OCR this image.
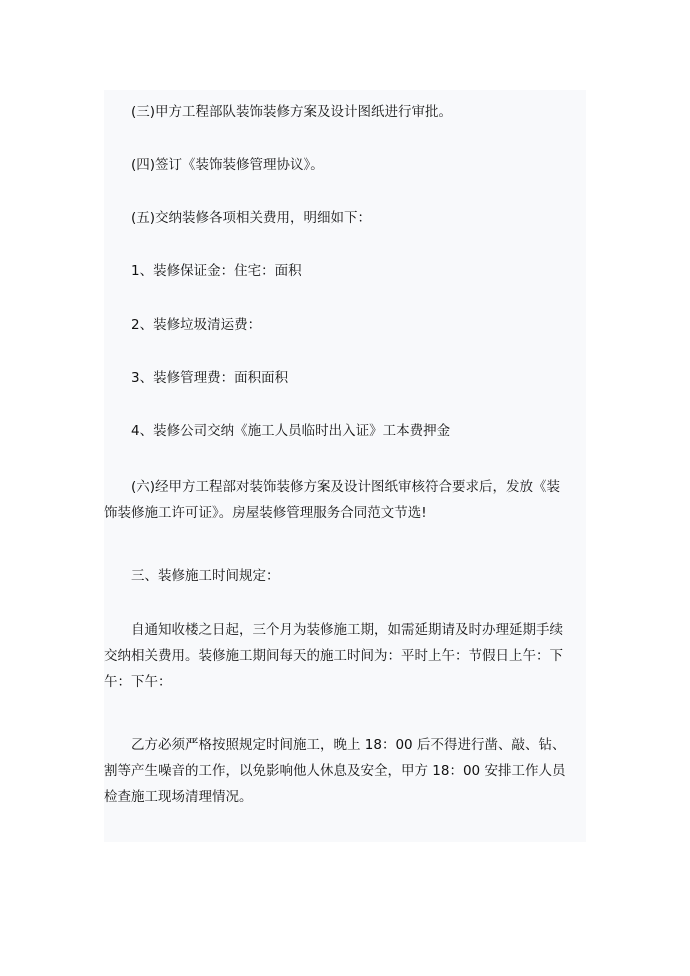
(三)甲方工程部队装饰装修方案及设计图纸进行审批。

(四)签订《装饰装修管理协议》。

(五)交纳装修各项相关费用，明细如下：

1、装修保证金：住宅：面积

2、装修垃圾清运费：

3、装修管理费：面积面积

4、装修公司交纳《施工人员临时出入证》工本费押金

(六)经甲方工程部对装饰装修方案及设计图纸审核符合要求后，发放《装
饰装修施工许可证》。房屋装修管理服务合同范文节选!

三、装修施工时间规定：

自通知收楼之日起，三个月为装修施工期，如需延期请及时办理延期手续
交纳相关费用。装修施工期间每天的施工时间为：平时上午：节假日上午：下
午：下午：

乙方必须严格按照规定时间施工，晚上 18：00 后不得进行凿、敲、钻、
割等产生噪音的工作，以免影响他人休息及安全，甲方 18：00 安排工作人员
检查施工现场清理情况。
